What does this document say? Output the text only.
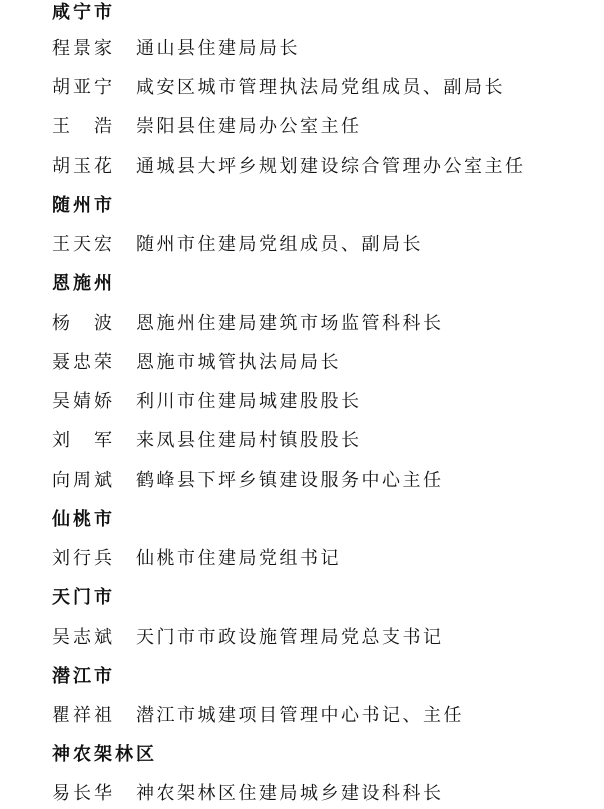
咸宁市
程景家 通山县住建局局长
胡亚宁 咸安区城市管理执法局党组成员、副局长
王　浩 崇阳县住建局办公室主任
胡玉花 通城县大坪乡规划建设综合管理办公室主任
随州市
王天宏 随州市住建局党组成员、副局长
恩施州
杨　波 恩施州住建局建筑市场监管科科长
聂忠荣 恩施市城管执法局局长
吴婧娇 利川市住建局城建股股长
刘　军 来凤县住建局村镇股股长
向周斌 鹤峰县下坪乡镇建设服务中心主任
仙桃市
刘行兵 仙桃市住建局党组书记
天门市
吴志斌 天门市市政设施管理局党总支书记
潜江市
瞿祥祖 潜江市城建项目管理中心书记、主任
神农架林区
易长华 神农架林区住建局城乡建设科科长
